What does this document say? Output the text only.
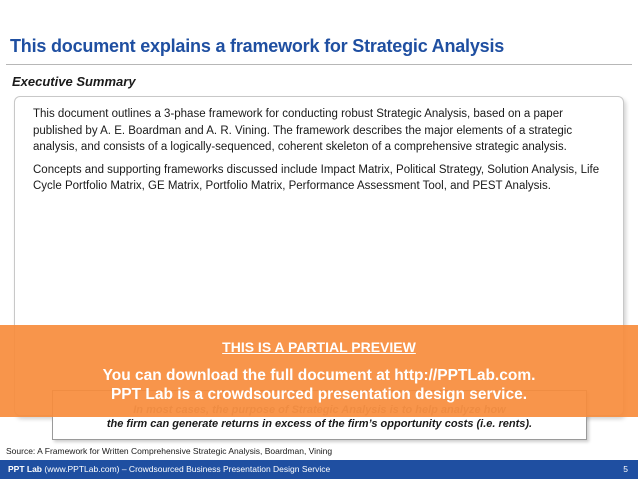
This document explains a framework for Strategic Analysis
Executive Summary

This document outlines a 3-phase framework for conducting robust Strategic Analysis, based on a paper published by A. E. Boardman and A. R. Vining. The framework describes the major elements of a strategic analysis, and consists of a logically-sequenced, coherent skeleton of a comprehensive strategic analysis.

Concepts and supporting frameworks discussed include Impact Matrix, Political Strategy, Solution Analysis, Life Cycle Portfolio Matrix, GE Matrix, Portfolio Matrix, Performance Assessment Tool, and PEST Analysis.

the firm can generate returns in excess of the firm’s opportunity costs (i.e. rents).
THIS IS A PARTIAL PREVIEW
You can download the full document at http://PPTLab.com.
PPT Lab is a crowdsourced presentation design service.
Source: A Framework for Written Comprehensive Strategic Analysis, Boardman, Vining
PPT Lab (www.PPTLab.com) – Crowdsourced Business Presentation Design Service	5
